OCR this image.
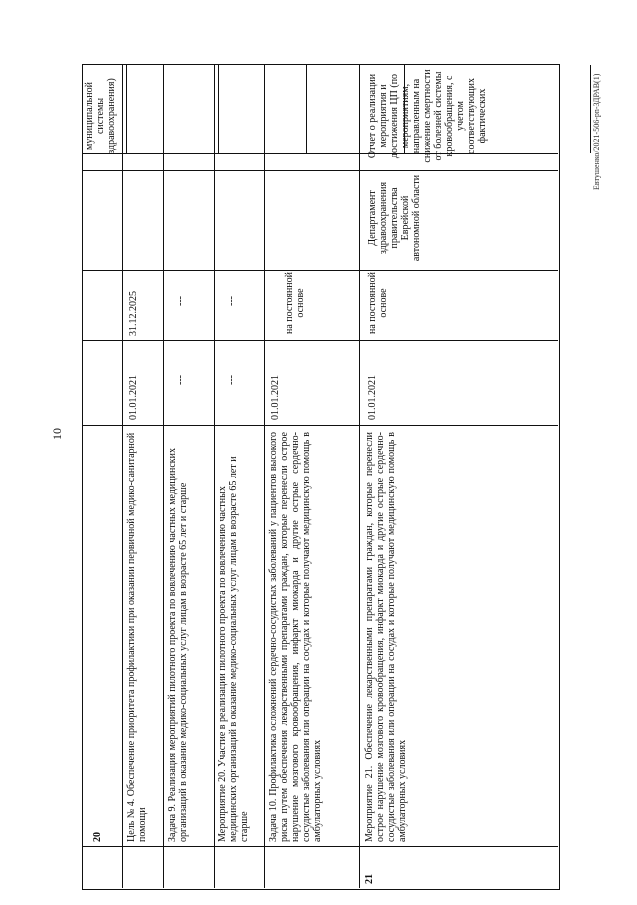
10
Евтушенко/2021-506-pn-ЗДРАВ(1)
муниципальной системы здравоохранения)
Цель № 4. Обеспечение приоритета профилактики при оказании первичной медико-санитарной помощи
01.01.2021
31.12.2025
Задача 9. Реализация мероприятий пилотного проекта по вовлечению частных медицинских организаций в оказание медико-социальных услуг лицам в возрасте 65 лет и старше
---
---
20	Мероприятие 20. Участие в реализации пилотного проекта по вовлечению частных медицинских организаций в оказание медико-социальных услуг лицам в возрасте 65 лет и старше
---
---
Задача 10. Профилактика осложнений сердечно-сосудистых заболеваний у пациентов высокого риска путем обеспечения лекарственными препаратами граждан, которые перенесли острое нарушение мозгового кровообращения, инфаркт миокарда и другие острые сердечно-сосудистые заболевания или операции на сосудах и которые получают медицинскую помощь в амбулаторных условиях
01.01.2021
на постоянной основе
21
Мероприятие 21. Обеспечение лекарственными препаратами граждан, которые перенесли острое нарушение мозгового кровообращения, инфаркт миокарда и другие острые сердечно-сосудистые заболевания или операции на сосудах и которые получают медицинскую помощь в амбулаторных условиях
01.01.2021
на постоянной основе
Департамент здравоохранения правительства Еврейской автономной области
Отчет о реализации мероприятия и достижения ЦП (по мероприятиям, направленным на снижение смертности от болезней системы кровообращения, с учетом соответствующих фактических
